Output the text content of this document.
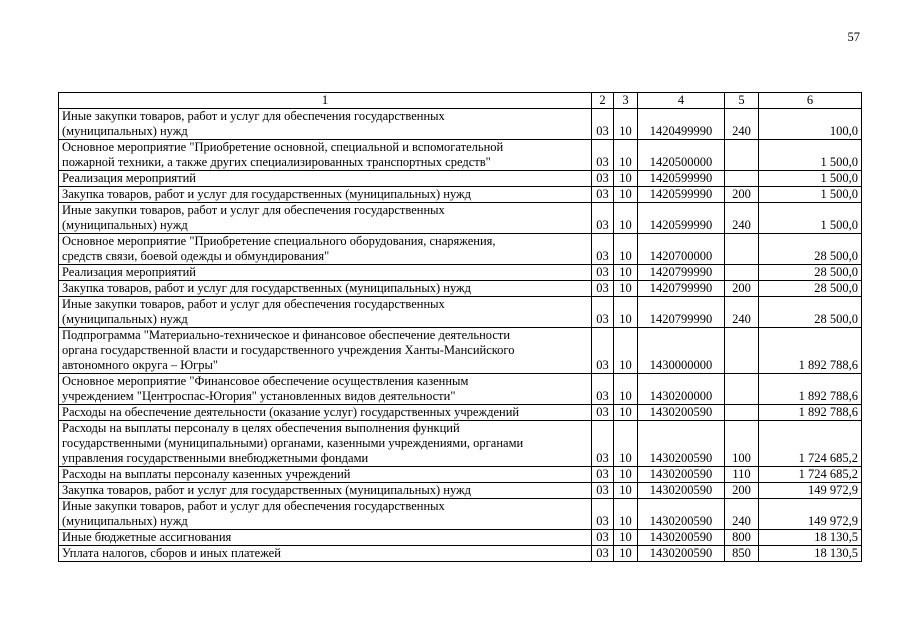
57
1	2	3	4	5	6

Иные закупки товаров, работ и услуг для обеспечения государственных
(муниципальных) нужд	03	10	1420499990	240	100,0

Основное мероприятие "Приобретение основной, специальной и вспомогательной
пожарной техники, а также других специализированных транспортных средств"	03	10	1420500000		1 500,0

Реализация мероприятий	03	10	1420599990		1 500,0

Закупка товаров, работ и услуг для государственных (муниципальных) нужд	03	10	1420599990	200	1 500,0

Иные закупки товаров, работ и услуг для обеспечения государственных
(муниципальных) нужд	03	10	1420599990	240	1 500,0

Основное мероприятие "Приобретение специального оборудования, снаряжения,
средств связи, боевой одежды и обмундирования"	03	10	1420700000		28 500,0

Реализация мероприятий	03	10	1420799990		28 500,0

Закупка товаров, работ и услуг для государственных (муниципальных) нужд	03	10	1420799990	200	28 500,0

Иные закупки товаров, работ и услуг для обеспечения государственных
(муниципальных) нужд	03	10	1420799990	240	28 500,0

Подпрограмма "Материально-техническое и финансовое обеспечение деятельности
органа государственной власти и государственного учреждения Ханты-Мансийского
автономного округа – Югры"	03	10	1430000000		1 892 788,6

Основное мероприятие "Финансовое обеспечение осуществления казенным
учреждением "Центроспас-Югория" установленных видов деятельности"	03	10	1430200000		1 892 788,6

Расходы на обеспечение деятельности (оказание услуг) государственных учреждений	03	10	1430200590		1 892 788,6

Расходы на выплаты персоналу в целях обеспечения выполнения функций
государственными (муниципальными) органами, казенными учреждениями, органами
управления государственными внебюджетными фондами	03	10	1430200590	100	1 724 685,2

Расходы на выплаты персоналу казенных учреждений	03	10	1430200590	110	1 724 685,2

Закупка товаров, работ и услуг для государственных (муниципальных) нужд	03	10	1430200590	200	149 972,9

Иные закупки товаров, работ и услуг для обеспечения государственных
(муниципальных) нужд	03	10	1430200590	240	149 972,9

Иные бюджетные ассигнования	03	10	1430200590	800	18 130,5

Уплата налогов, сборов и иных платежей	03	10	1430200590	850	18 130,5
